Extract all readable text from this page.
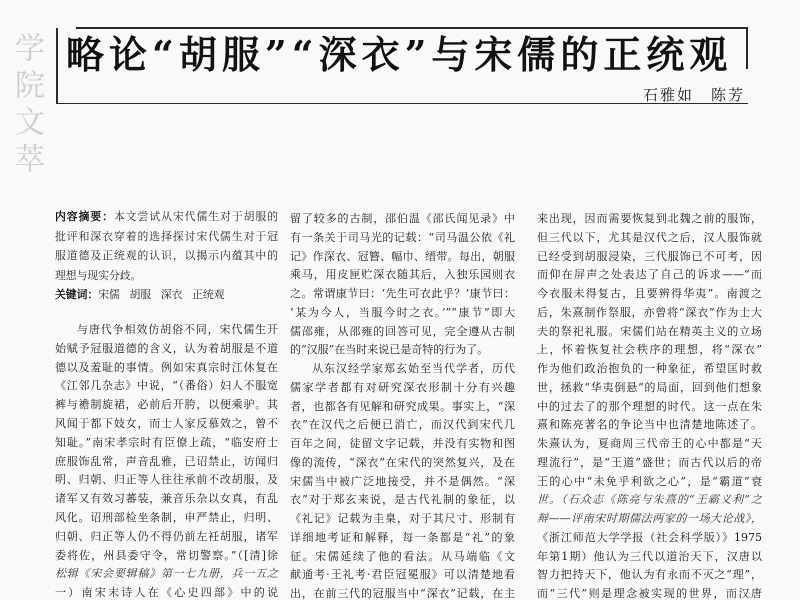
学院文萃 略论“胡服”“深衣”与宋儒的正统观
石雅如　陈芳
内容摘要：本文尝试从宋代儒生对于胡服的
批评和深衣穿着的选择探讨宋代儒生对于冠
服道德及正统观的认识，以揭示内蕴其中的
理想与现实分歧。
关键词：宋儒 胡服 深衣 正统观
与唐代争相效仿胡俗不同，宋代儒生开
始赋予冠服道德的含义，认为着胡服是不道
德以及羞耻的事情。例如宋真宗时江休复在
《江邻几杂志》中说，“（番俗）妇人不服宽
裤与襜制旋裙，必前后开胯，以便乘驴。其
风闻于都下妓女，而士人家反慕效之，曾不
知耻。”南宋孝宗时有臣僚上疏，“临安府士
庶服饰乱常，声音乱雅，已诏禁止，访闻归
明、归朝、归正等人往往承前不改胡服，及
诸军又有效习蕃装，兼音乐杂以女真，有乱
风化。诏刑部检坐条制，申严禁止，归明、
归朝、归正等人仍不得仍前左衽胡服，诸军
委将佐，州县委守令，常切警察。”（[清]徐
松辑《宋会要辑稿》第一七九册，兵一五之
一）南宋末诗人在《心史四部》中的说
留了较多的古制，邵伯温《邵氏闻见录》中
有一条关于司马光的记载：“司马温公依《礼
记》作深衣、冠簪、幅巾、缙带。每出，朝服
乘马，用皮匣贮深衣随其后，入独乐园则衣
之。常谓康节曰：‘先生可衣此乎？’康节曰：
‘某为今人，当服今时之衣。’”“康节”即大
儒邵雍，从邵雍的回答可见，完全遵从古制
的“汉服”在当时来说已是奇特的行为了。
从东汉经学家郑玄始至当代学者，历代
儒家学者都有对研究深衣形制十分有兴趣
者，也都各有见解和研究成果。事实上，“深
衣”在汉代之后便已消亡，而汉代到宋代几
百年之间，徒留文字记载，并没有实物和图
像的流传，“深衣”在宋代的突然复兴，及在
宋儒当中被广泛地接受，并不是偶然。“深
衣”对于郑玄来说，是古代礼制的象征，以
《礼记》记载为圭臬，对于其尺寸、形制有
详细地考证和解释，每一条都是“礼”的象
征。宋儒延续了他的看法。从马端临《文
献通考·王礼考·君臣冠冕服》可以清楚地看
出，在前三代的冠服当中“深衣”记载，在主
来出现，因而需要恢复到北魏之前的服饰，
但三代以下，尤其是汉代之后，汉人服饰就
已经受到胡服浸染，三代服饰已不可考，因
而仰在屏声之处表达了自己的诉求——“而
今衣服未得复古，且要辨得华夷”。南渡之
后，朱熹制作祭服，亦曾将“深衣”作为士大
夫的祭祀礼服。宋儒们站在精英主义的立场
上，怀着恢复社会秩序的理想，将“深衣”
作为他们政治抱负的一种象征，希望匡时救
世，拯救“华夷倒悬”的局面，回到他们想象
中的过去了的那个理想的时代。这一点在朱
熹和陈亮著名的争论当中也清楚地陈述了。
朱熹认为，夏商周三代帝王的心中都是“天
理流行”，是“王道”盛世；而古代以后的帝
王的心中“未免乎利欲之心”，是“霸道”衰
世。（石众志《陈亮与朱熹的“王霸义利”之
辩——评南宋时期儒法两家的一场大论战》，
《浙江师范大学学报（社会科学版）》1975
年第1期）他认为三代以道治天下，汉唐以
智力把持天下，他认为有永而不灭之“理”，
而“三代”则是理念被实现的世界，而汉唐
